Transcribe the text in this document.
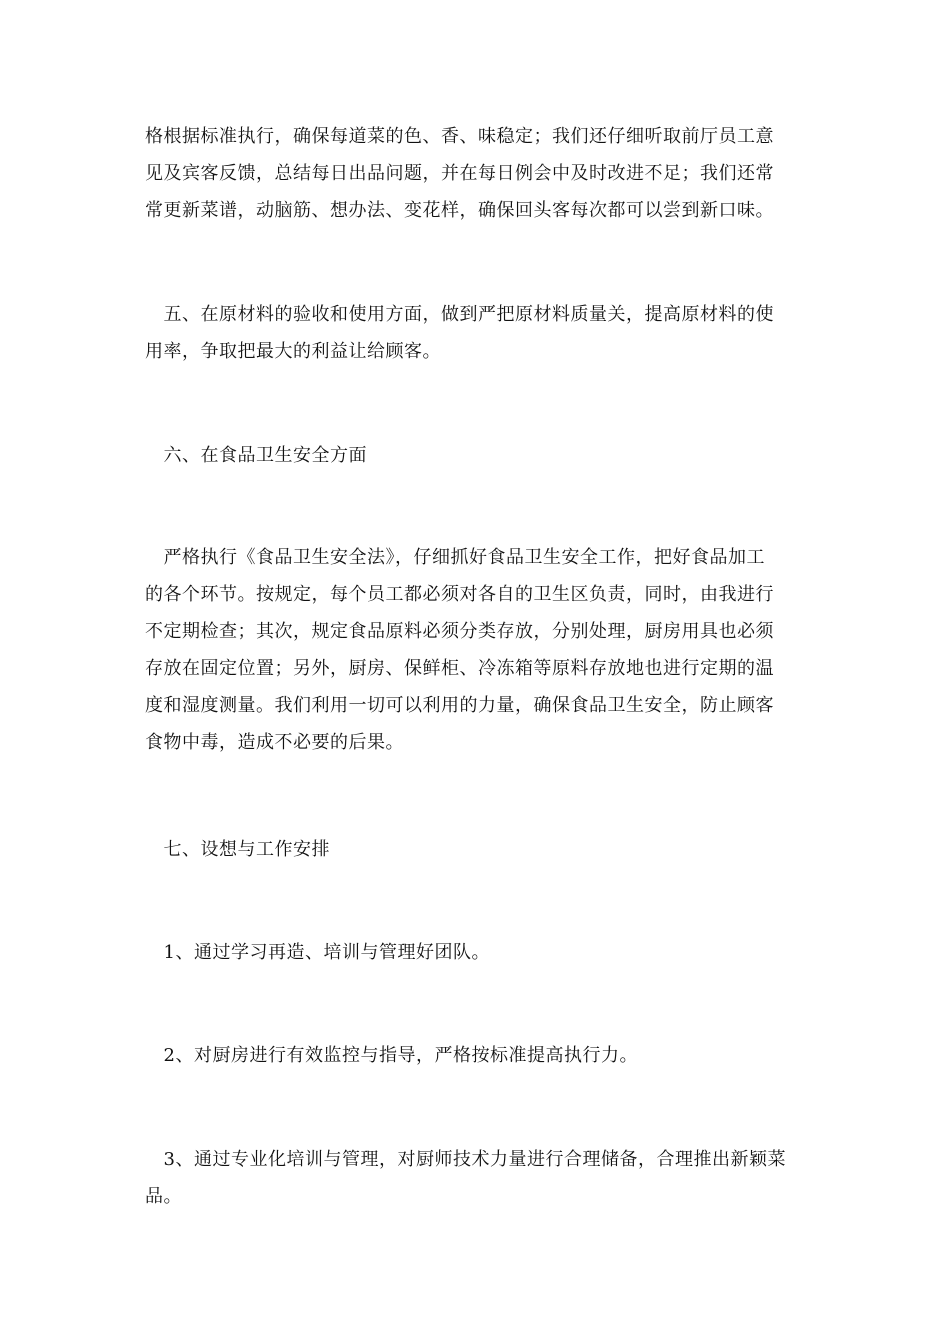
格根据标准执行，确保每道菜的色、香、味稳定；我们还仔细听取前厅员工意
见及宾客反馈，总结每日出品问题，并在每日例会中及时改进不足；我们还常
常更新菜谱，动脑筋、想办法、变花样，确保回头客每次都可以尝到新口味。

　五、在原材料的验收和使用方面，做到严把原材料质量关，提高原材料的使
用率，争取把最大的利益让给顾客。

　六、在食品卫生安全方面

　严格执行《食品卫生安全法》，仔细抓好食品卫生安全工作，把好食品加工
的各个环节。按规定，每个员工都必须对各自的卫生区负责，同时，由我进行
不定期检查；其次，规定食品原料必须分类存放，分别处理，厨房用具也必须
存放在固定位置；另外，厨房、保鲜柜、冷冻箱等原料存放地也进行定期的温
度和湿度测量。我们利用一切可以利用的力量，确保食品卫生安全，防止顾客
食物中毒，造成不必要的后果。

　七、设想与工作安排

　1、通过学习再造、培训与管理好团队。

　2、对厨房进行有效监控与指导，严格按标准提高执行力。

　3、通过专业化培训与管理，对厨师技术力量进行合理储备，合理推出新颖菜
品。
